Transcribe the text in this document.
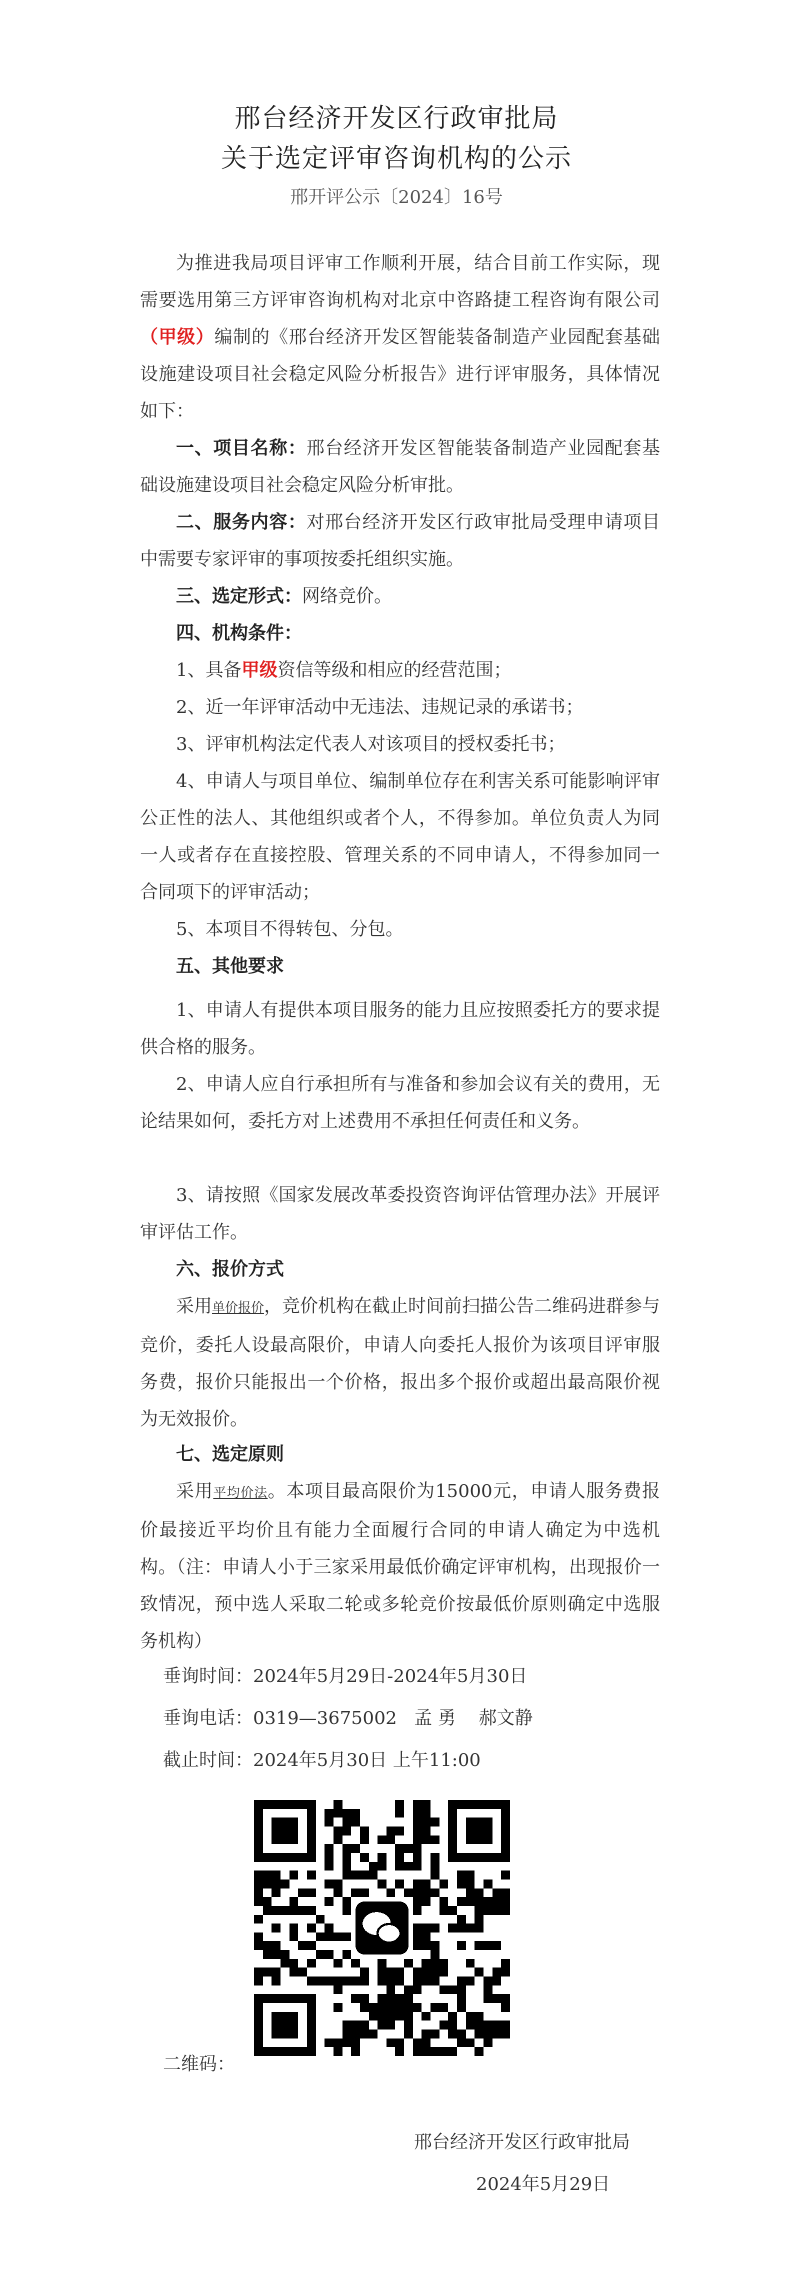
邢台经济开发区行政审批局
关于选定评审咨询机构的公示
邢开评公示〔2024〕16号
为推进我局项目评审工作顺利开展，结合目前工作实际，现需要选用第三方评审咨询机构对北京中咨路捷工程咨询有限公司（甲级）编制的《邢台经济开发区智能装备制造产业园配套基础设施建设项目社会稳定风险分析报告》进行评审服务，具体情况如下：
一、项目名称：邢台经济开发区智能装备制造产业园配套基础设施建设项目社会稳定风险分析审批。
二、服务内容：对邢台经济开发区行政审批局受理申请项目中需要专家评审的事项按委托组织实施。
三、选定形式：网络竞价。
四、机构条件：
1、具备甲级资信等级和相应的经营范围；
2、近一年评审活动中无违法、违规记录的承诺书；
3、评审机构法定代表人对该项目的授权委托书；
4、申请人与项目单位、编制单位存在利害关系可能影响评审公正性的法人、其他组织或者个人，不得参加。单位负责人为同一人或者存在直接控股、管理关系的不同申请人，不得参加同一合同项下的评审活动；
5、本项目不得转包、分包。
五、其他要求
1、申请人有提供本项目服务的能力且应按照委托方的要求提供合格的服务。
2、申请人应自行承担所有与准备和参加会议有关的费用，无论结果如何，委托方对上述费用不承担任何责任和义务。
3、请按照《国家发展改革委投资咨询评估管理办法》开展评审评估工作。
六、报价方式
采用单价报价，竞价机构在截止时间前扫描公告二维码进群参与竞价，委托人设最高限价，申请人向委托人报价为该项目评审服务费，报价只能报出一个价格，报出多个报价或超出最高限价视为无效报价。
七、选定原则
采用平均价法。本项目最高限价为15000元，申请人服务费报价最接近平均价且有能力全面履行合同的申请人确定为中选机构。（注：申请人小于三家采用最低价确定评审机构，出现报价一致情况，预中选人采取二轮或多轮竞价按最低价原则确定中选服务机构）
垂询时间：2024年5月29日-2024年5月30日
垂询电话：0319—3675002   孟 勇    郝文静
截止时间：2024年5月30日 上午11:00
二维码：
邢台经济开发区行政审批局
2024年5月29日
